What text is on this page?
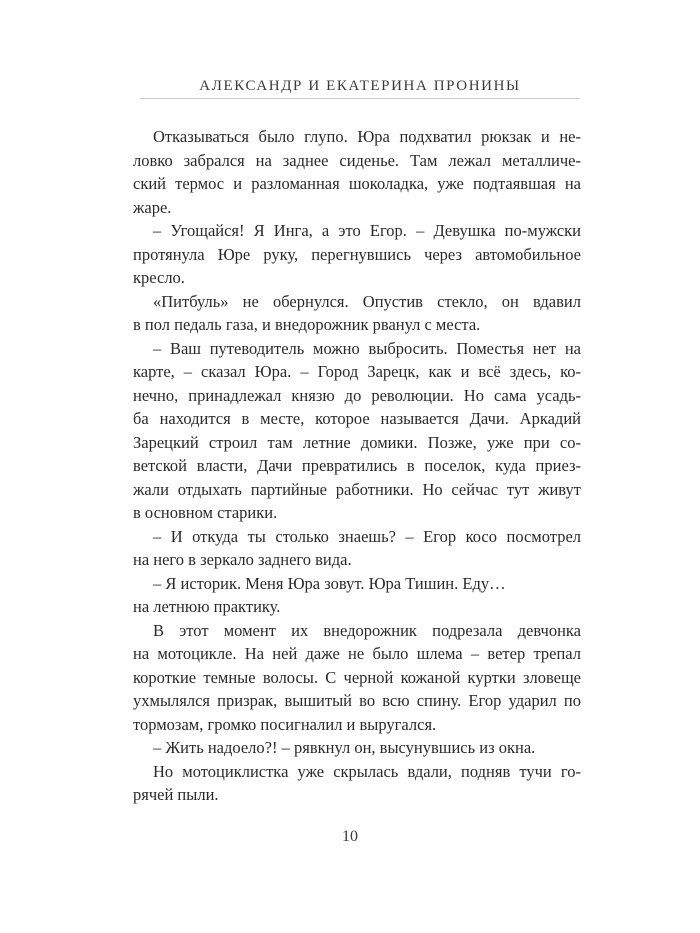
АЛЕКСАНДР И ЕКАТЕРИНА ПРОНИНЫ
Отказываться было глупо. Юра подхватил рюкзак и не-
ловко забрался на заднее сиденье. Там лежал металличе-
ский термос и разломанная шоколадка, уже подтаявшая на
жаре.
– Угощайся! Я Инга, а это Егор. – Девушка по-мужски
протянула Юре руку, перегнувшись через автомобильное
кресло.
«Питбуль» не обернулся. Опустив стекло, он вдавил
в пол педаль газа, и внедорожник рванул с места.
– Ваш путеводитель можно выбросить. Поместья нет на
карте, – сказал Юра. – Город Зарецк, как и всё здесь, ко-
нечно, принадлежал князю до революции. Но сама усадь-
ба находится в месте, которое называется Дачи. Аркадий
Зарецкий строил там летние домики. Позже, уже при со-
ветской власти, Дачи превратились в поселок, куда приез-
жали отдыхать партийные работники. Но сейчас тут живут
в основном старики.
– И откуда ты столько знаешь? – Егор косо посмотрел
на него в зеркало заднего вида.
– Я историк. Меня Юра зовут. Юра Тишин. Еду…
на летнюю практику.
В этот момент их внедорожник подрезала девчонка
на мотоцикле. На ней даже не было шлема – ветер трепал
короткие темные волосы. С черной кожаной куртки зловеще
ухмылялся призрак, вышитый во всю спину. Егор ударил по
тормозам, громко посигналил и выругался.
– Жить надоело?! – рявкнул он, высунувшись из окна.
Но мотоциклистка уже скрылась вдали, подняв тучи го-
рячей пыли.
10
